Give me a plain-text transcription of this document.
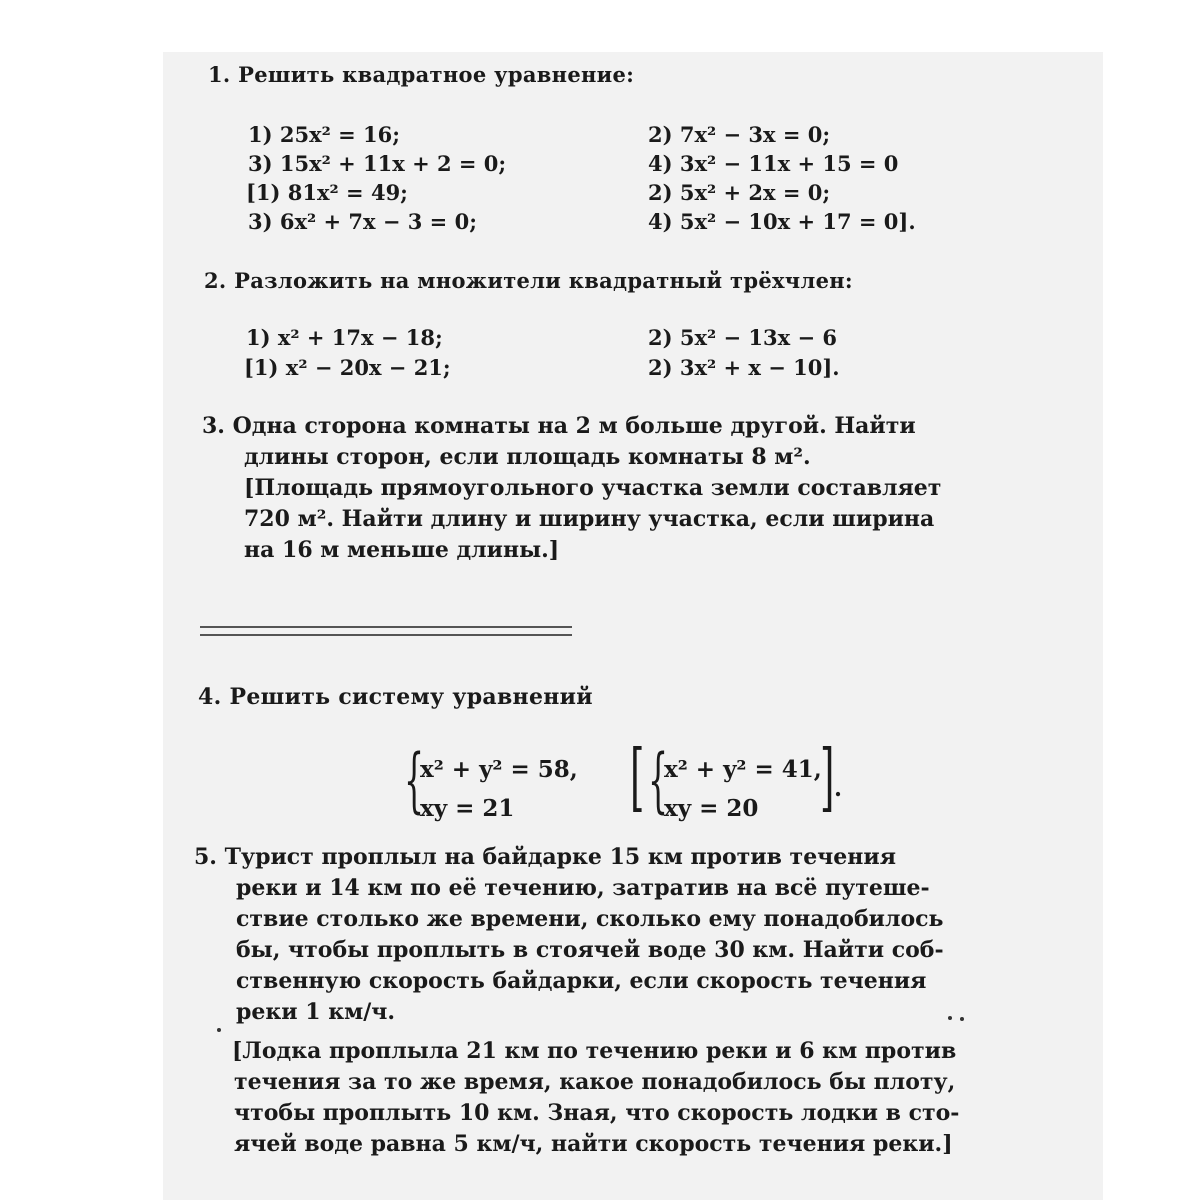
1. Решить квадратное уравнение:
1) 25x² = 16;
3) 15x² + 11x + 2 = 0;
[1) 81x² = 49;
3) 6x² + 7x − 3 = 0;
2) 7x² − 3x = 0;
4) 3x² − 11x + 15 = 0
2) 5x² + 2x = 0;
4) 5x² − 10x + 17 = 0].
2. Разложить на множители квадратный трёхчлен:
1) x² + 17x − 18;
[1) x² − 20x − 21;
2) 5x² − 13x − 6
2) 3x² + x − 10].

3. Одна сторона комнаты на 2 м больше другой. Найти

длины сторон, если площадь комнаты 8 м².

[Площадь прямоугольного участка земли составляет

720 м². Найти длину и ширину участка, если ширина

на 16 м меньше длины.]

4. Решить систему уравнений
{
x² + y² = 58,
xy = 21 [ {
x² + y² = 41,
xy = 20 ] .

5. Турист проплыл на байдарке 15 км против течения

реки и 14 км по её течению, затратив на всё путеше-

ствие столько же времени, сколько ему понадобилось

бы, чтобы проплыть в стоячей воде 30 км. Найти соб-

ственную скорость байдарки, если скорость течения

реки 1 км/ч.

[Лодка проплыла 21 км по течению реки и 6 км против

течения за то же время, какое понадобилось бы плоту,

чтобы проплыть 10 км. Зная, что скорость лодки в сто-

ячей воде равна 5 км/ч, найти скорость течения реки.]
